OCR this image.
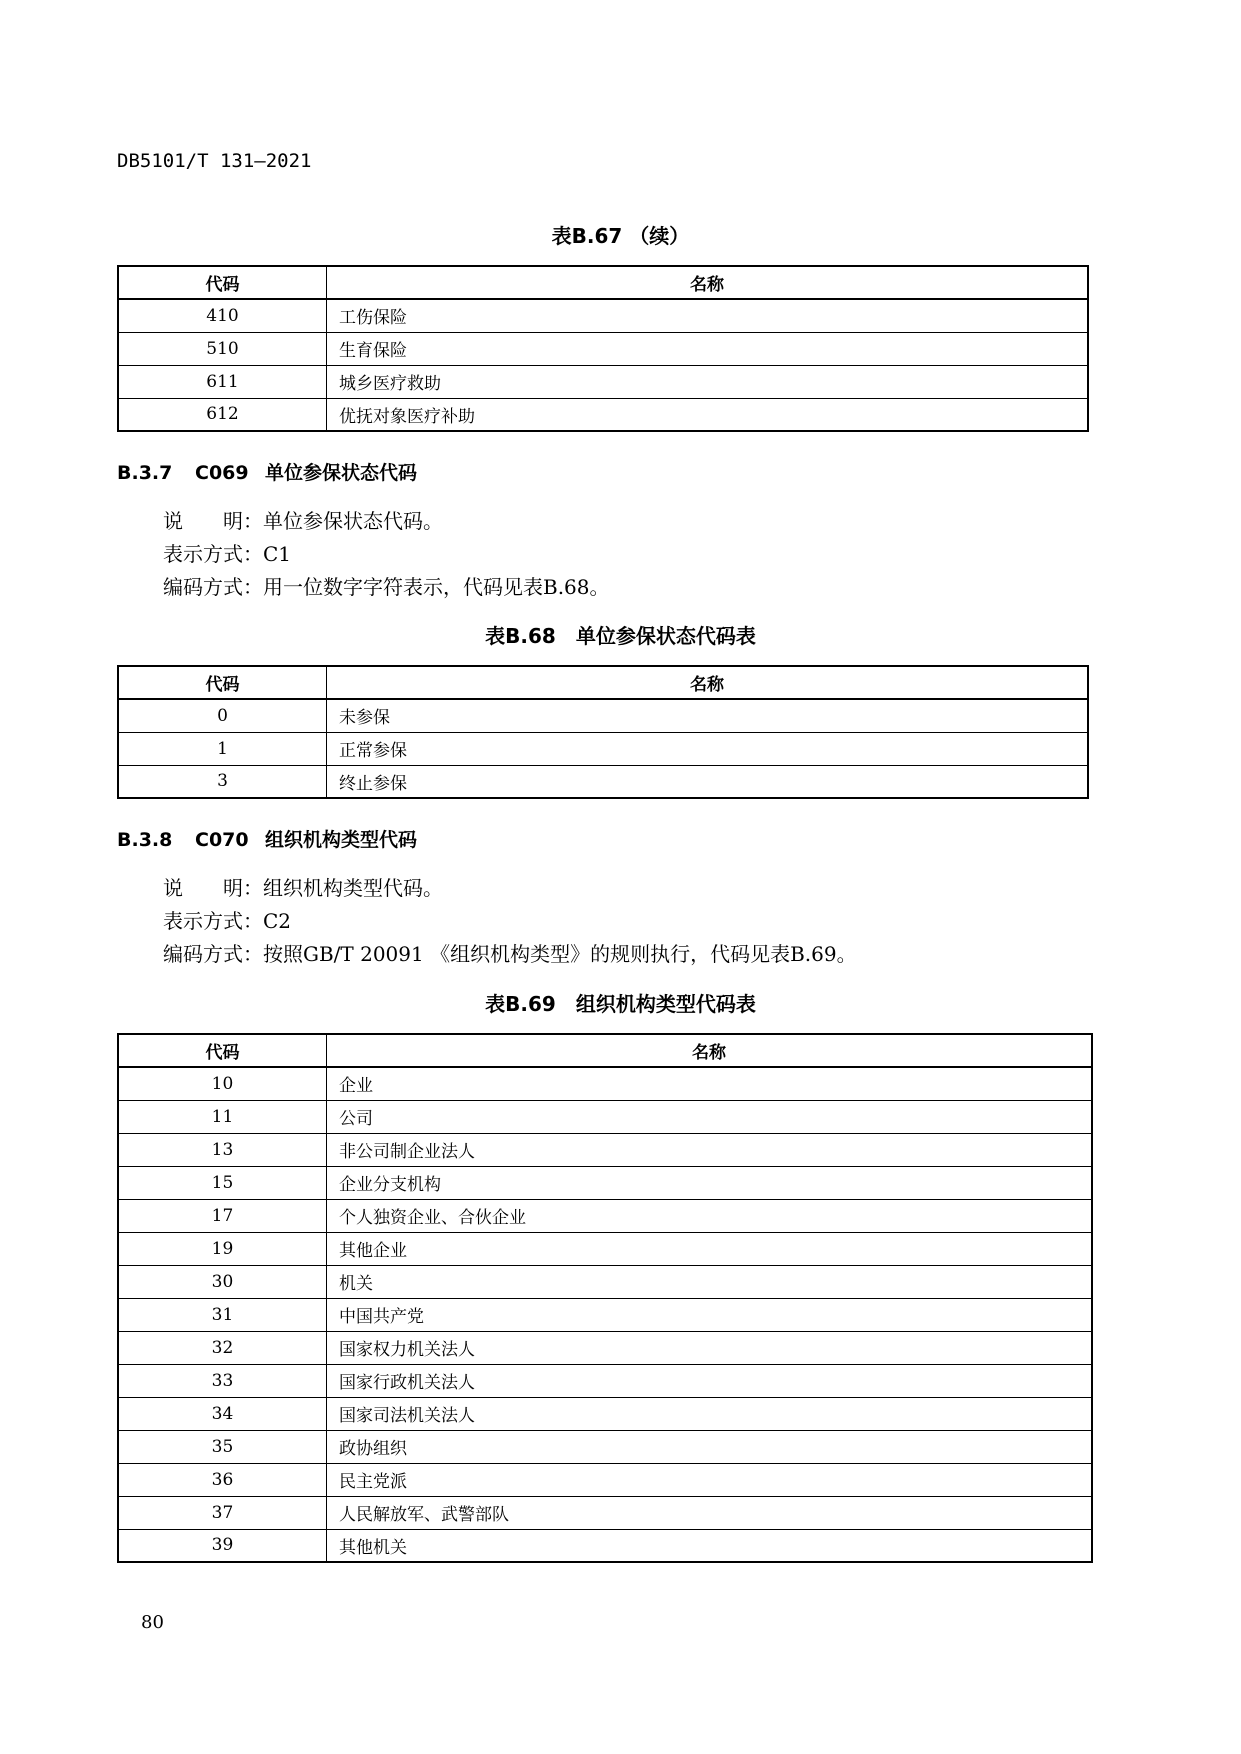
DB5101/T 131—2021
表B.67 （续）
代码	名称
410	工伤保险
510	生育保险
611	城乡医疗救助
612	优抚对象医疗补助
B.3.7 C069 单位参保状态代码
说　　明：单位参保状态代码。
表示方式：C1
编码方式：用一位数字字符表示，代码见表B.68。
表B.68　单位参保状态代码表
代码	名称
0	未参保
1	正常参保
3	终止参保
B.3.8 C070 组织机构类型代码
说　　明：组织机构类型代码。
表示方式：C2
编码方式：按照GB/T 20091 《组织机构类型》的规则执行，代码见表B.69。
表B.69　组织机构类型代码表
代码	名称
10	企业
11	公司
13	非公司制企业法人
15	企业分支机构
17	个人独资企业、合伙企业
19	其他企业
30	机关
31	中国共产党
32	国家权力机关法人
33	国家行政机关法人
34	国家司法机关法人
35	政协组织
36	民主党派
37	人民解放军、武警部队
39	其他机关
80
